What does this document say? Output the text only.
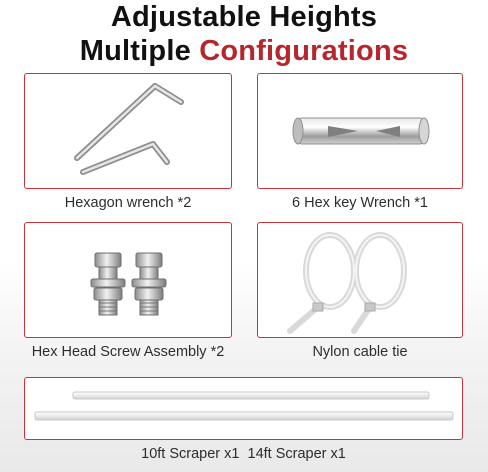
Adjustable Heights
Multiple Configurations
Hexagon wrench *2	6 Hex key Wrench *1
Hex Head Screw Assembly *2	Nylon cable tie
10ft Scraper x1  14ft Scraper x1
